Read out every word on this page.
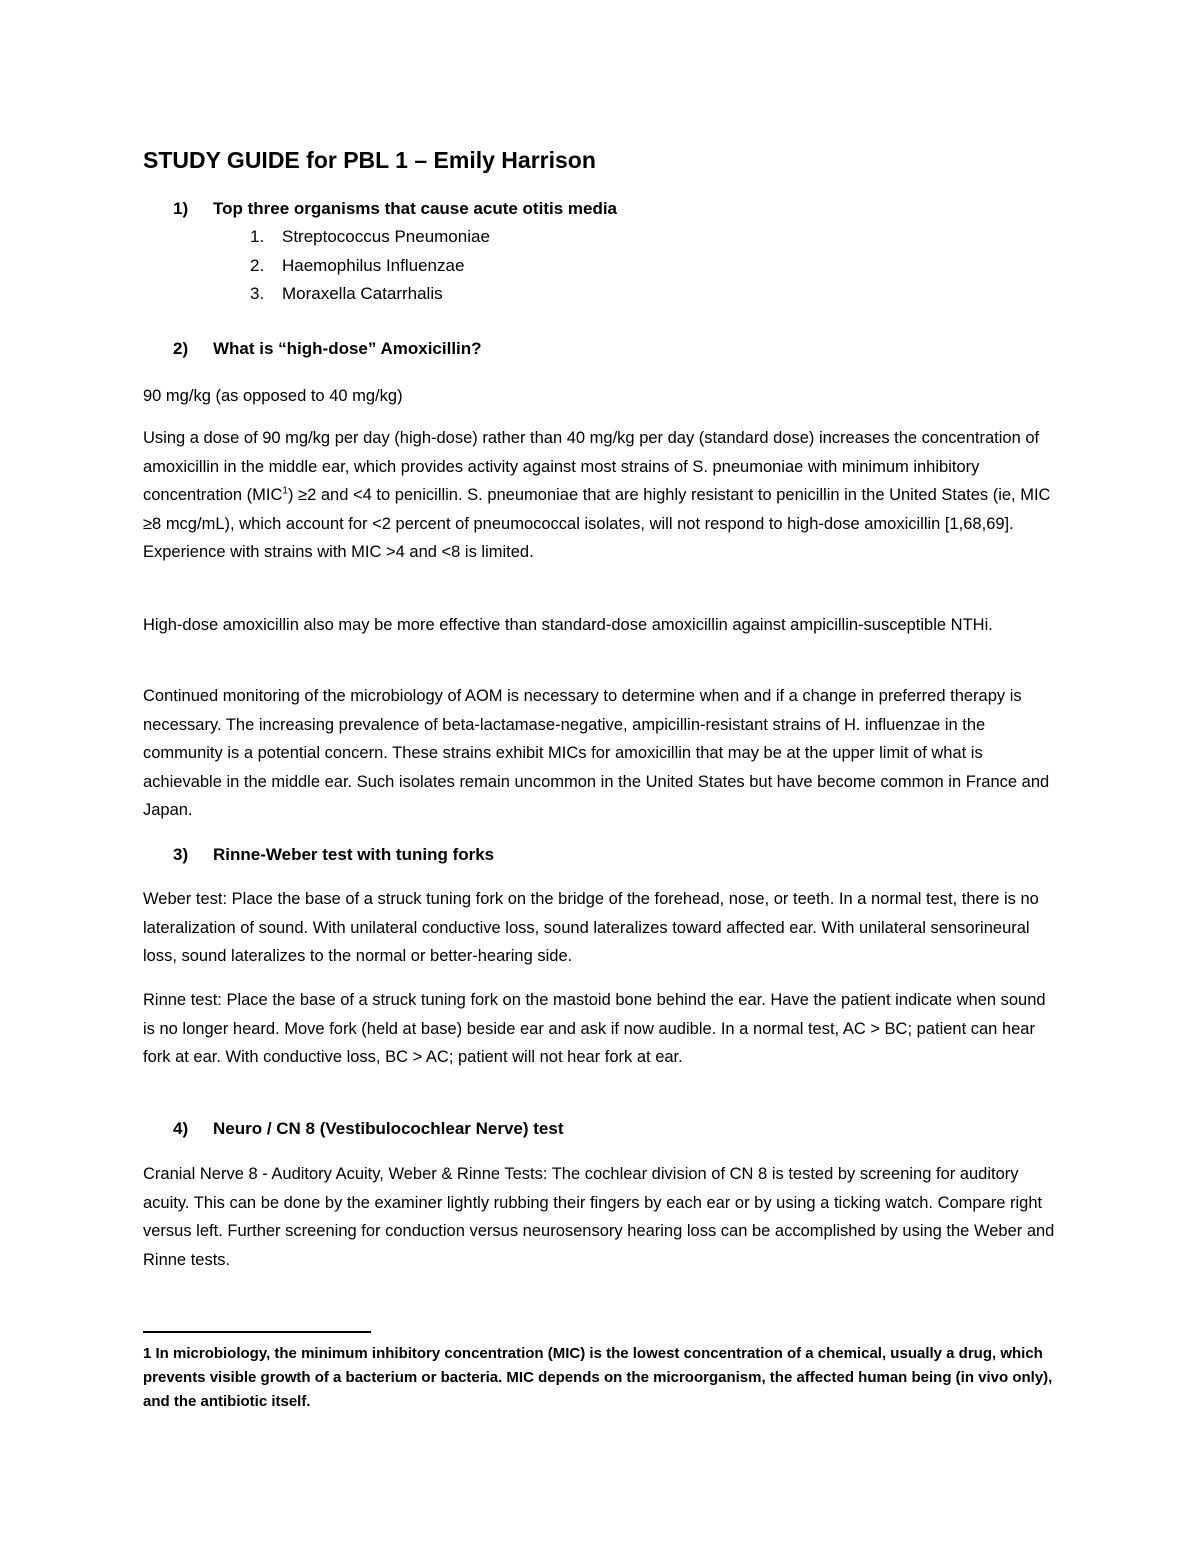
STUDY GUIDE for PBL 1 – Emily Harrison
1) Top three organisms that cause acute otitis media
1. Streptococcus Pneumoniae
2. Haemophilus Influenzae
3. Moraxella Catarrhalis
2) What is “high-dose” Amoxicillin?

90 mg/kg (as opposed to 40 mg/kg)

Using a dose of 90 mg/kg per day (high-dose) rather than 40 mg/kg per day (standard dose) increases the concentration of amoxicillin in the middle ear, which provides activity against most strains of S. pneumoniae with minimum inhibitory concentration $(MIC^1) \ge 2$ and <4 to penicillin. S. pneumoniae that are highly resistant to penicillin in the United States (ie, MIC ≥8 mcg/mL), which account for <2 percent of pneumococcal isolates, will not respond to high-dose amoxicillin [1,68,69]. Experience with strains with MIC >4 and <8 is limited.

High-dose amoxicillin also may be more effective than standard-dose amoxicillin against ampicillin-susceptible NTHi.

Continued monitoring of the microbiology of AOM is necessary to determine when and if a change in preferred therapy is necessary. The increasing prevalence of beta-lactamase-negative, ampicillin-resistant strains of H. influenzae in the community is a potential concern. These strains exhibit MICs for amoxicillin that may be at the upper limit of what is achievable in the middle ear. Such isolates remain uncommon in the United States but have become common in France and Japan.

3) Rinne-Weber test with tuning forks

Weber test: Place the base of a struck tuning fork on the bridge of the forehead, nose, or teeth. In a normal test, there is no lateralization of sound. With unilateral conductive loss, sound lateralizes toward affected ear. With unilateral sensorineural loss, sound lateralizes to the normal or better-hearing side.

Rinne test: Place the base of a struck tuning fork on the mastoid bone behind the ear. Have the patient indicate when sound is no longer heard. Move fork (held at base) beside ear and ask if now audible. In a normal test, AC > BC; patient can hear fork at ear. With conductive loss, BC > AC; patient will not hear fork at ear.

4) Neuro / CN 8 (Vestibulocochlear Nerve) test

Cranial Nerve 8 - Auditory Acuity, Weber & Rinne Tests: The cochlear division of CN 8 is tested by screening for auditory acuity. This can be done by the examiner lightly rubbing their fingers by each ear or by using a ticking watch. Compare right versus left. Further screening for conduction versus neurosensory hearing loss can be accomplished by using the Weber and Rinne tests.

1 In microbiology, the minimum inhibitory concentration (MIC) is the lowest concentration of a chemical, usually a drug, which prevents visible growth of a bacterium or bacteria. MIC depends on the microorganism, the affected human being (in vivo only), and the antibiotic itself.
